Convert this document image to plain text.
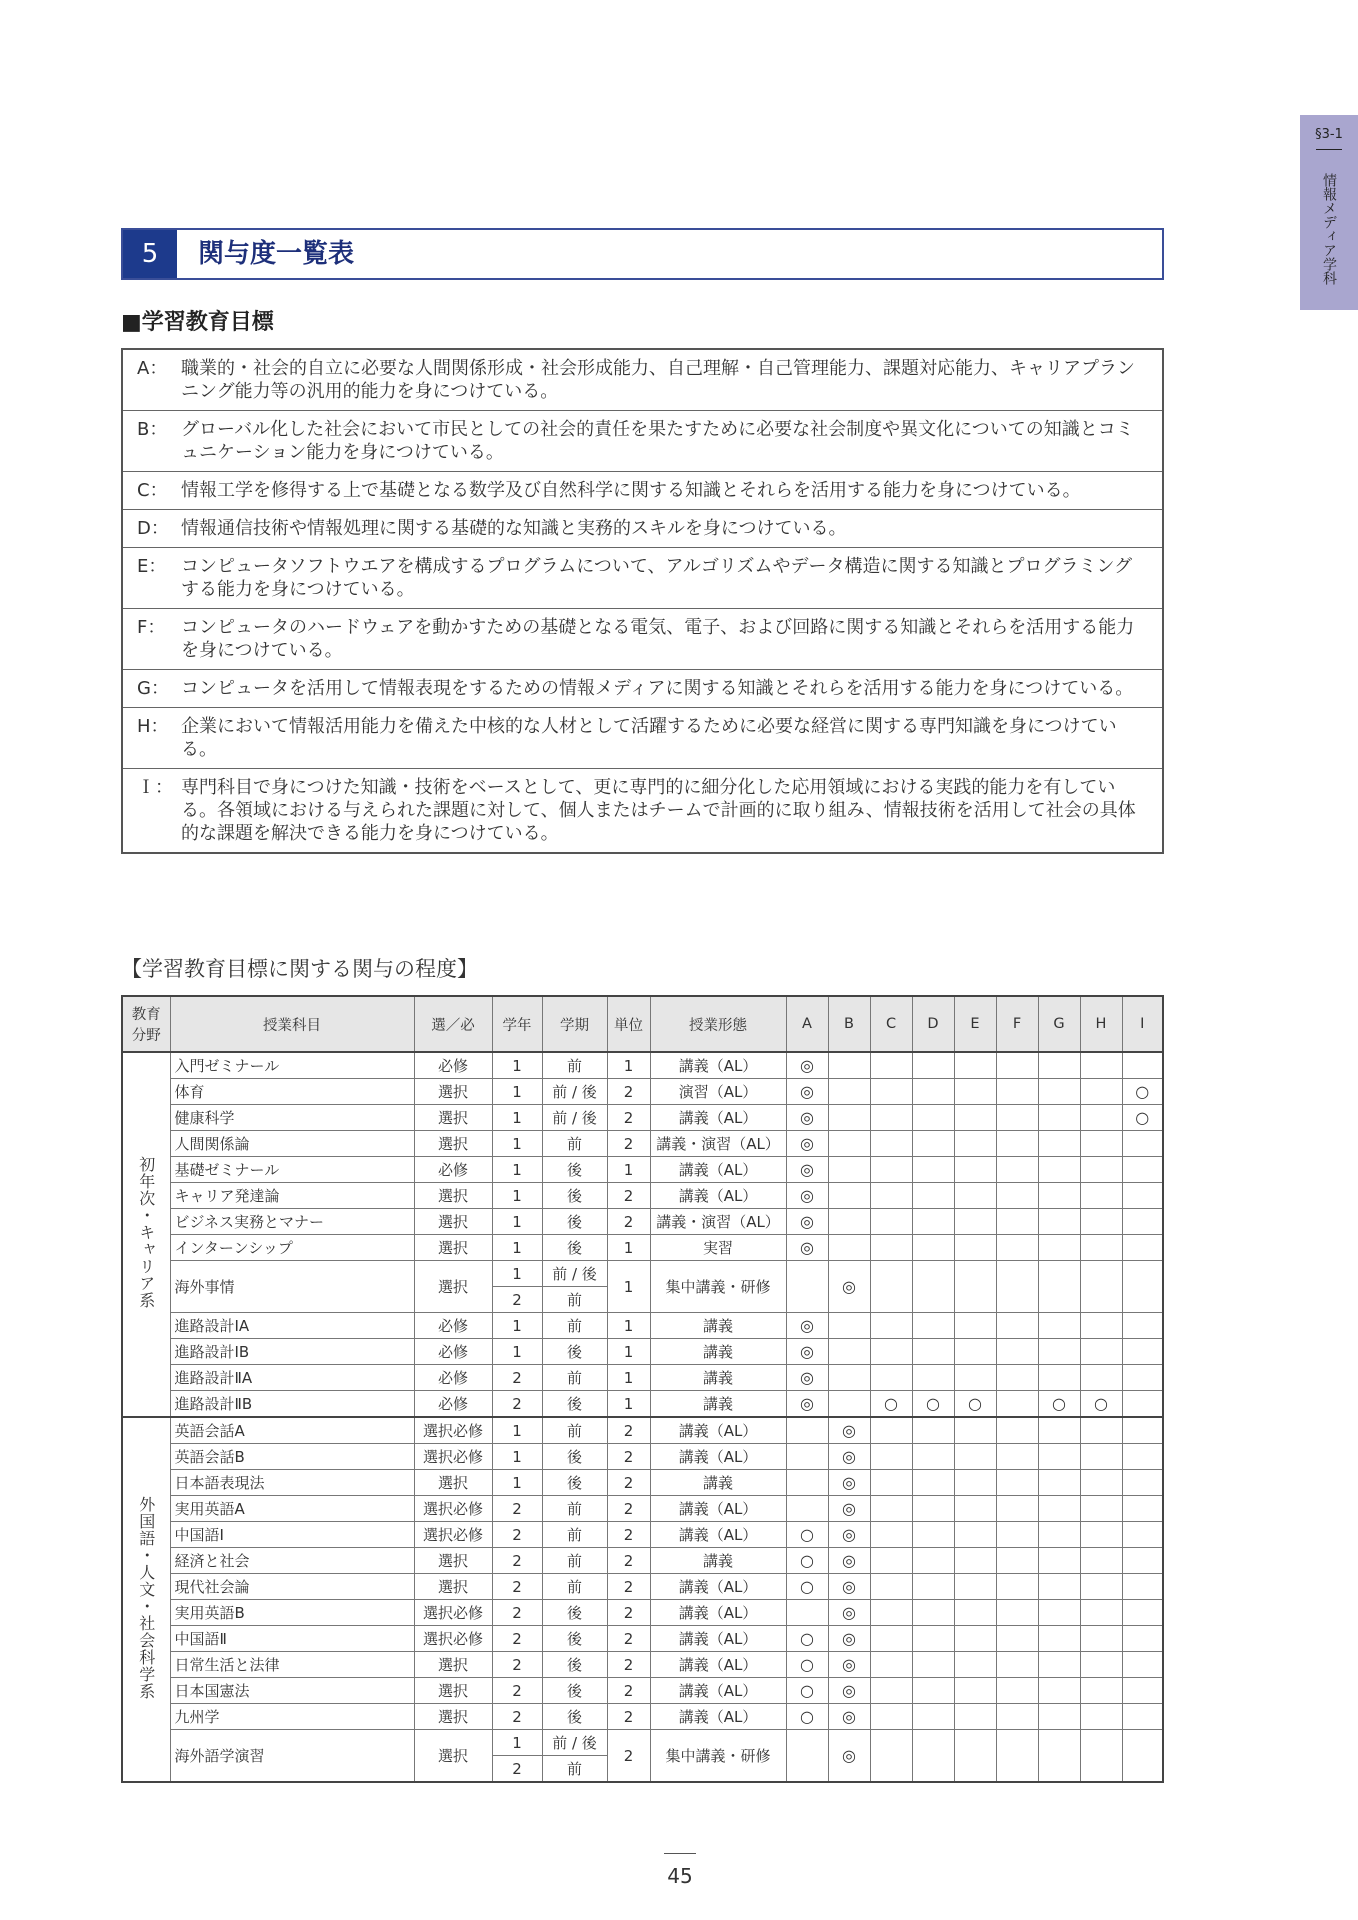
§3-1
情報メディア学科
5	関与度一覧表
■学習教育目標
A： 職業的・社会的自立に必要な人間関係形成・社会形成能力、自己理解・自己管理能力、課題対応能力、キャリアプランニング能力等の汎用的能力を身につけている。
B： グローバル化した社会において市民としての社会的責任を果たすために必要な社会制度や異文化についての知識とコミュニケーション能力を身につけている。
C： 情報工学を修得する上で基礎となる数学及び自然科学に関する知識とそれらを活用する能力を身につけている。
D： 情報通信技術や情報処理に関する基礎的な知識と実務的スキルを身につけている。
E： コンピュータソフトウエアを構成するプログラムについて、アルゴリズムやデータ構造に関する知識とプログラミングする能力を身につけている。
F： コンピュータのハードウェアを動かすための基礎となる電気、電子、および回路に関する知識とそれらを活用する能力を身につけている。
G： コンピュータを活用して情報表現をするための情報メディアに関する知識とそれらを活用する能力を身につけている。
H： 企業において情報活用能力を備えた中核的な人材として活躍するために必要な経営に関する専門知識を身につけている。
Ｉ： 専門科目で身につけた知識・技術をベースとして、更に専門的に細分化した応用領域における実践的能力を有している。各領域における与えられた課題に対して、個人またはチームで計画的に取り組み、情報技術を活用して社会の具体的な課題を解決できる能力を身につけている。
【学習教育目標に関する関与の程度】
教育
分野	授業科目	選／必	学年	学期	単位	授業形態	A	B	C	D	E	F	G	H	I
初年次・キャリア系	入門ゼミナール	必修	1	前	1	講義（AL）	◎								
	体育	選択	1	前 / 後	2	演習（AL）	◎								○
	健康科学	選択	1	前 / 後	2	講義（AL）	◎								○
	人間関係論	選択	1	前	2	講義・演習（AL）	◎								
	基礎ゼミナール	必修	1	後	1	講義（AL）	◎								
	キャリア発達論	選択	1	後	2	講義（AL）	◎								
	ビジネス実務とマナー	選択	1	後	2	講義・演習（AL）	◎								
	インターンシップ	選択	1	後	1	実習	◎								
	海外事情	選択	1	前 / 後	1	集中講義・研修		◎							
			2	前											
	進路設計ⅠA	必修	1	前	1	講義	◎								
	進路設計ⅠB	必修	1	後	1	講義	◎								
	進路設計ⅡA	必修	2	前	1	講義	◎								
	進路設計ⅡB	必修	2	後	1	講義	◎		○	○	○		○	○	
外国語・人文・社会科学系	英語会話A	選択必修	1	前	2	講義（AL）		◎							
	英語会話B	選択必修	1	後	2	講義（AL）		◎							
	日本語表現法	選択	1	後	2	講義		◎							
	実用英語A	選択必修	2	前	2	講義（AL）		◎							
	中国語Ⅰ	選択必修	2	前	2	講義（AL）	○	◎							
	経済と社会	選択	2	前	2	講義	○	◎							
	現代社会論	選択	2	前	2	講義（AL）	○	◎							
	実用英語B	選択必修	2	後	2	講義（AL）		◎							
	中国語Ⅱ	選択必修	2	後	2	講義（AL）	○	◎							
	日常生活と法律	選択	2	後	2	講義（AL）	○	◎							
	日本国憲法	選択	2	後	2	講義（AL）	○	◎							
	九州学	選択	2	後	2	講義（AL）	○	◎							
	海外語学演習	選択	1	前 / 後	2	集中講義・研修		◎							
			2	前											
45
